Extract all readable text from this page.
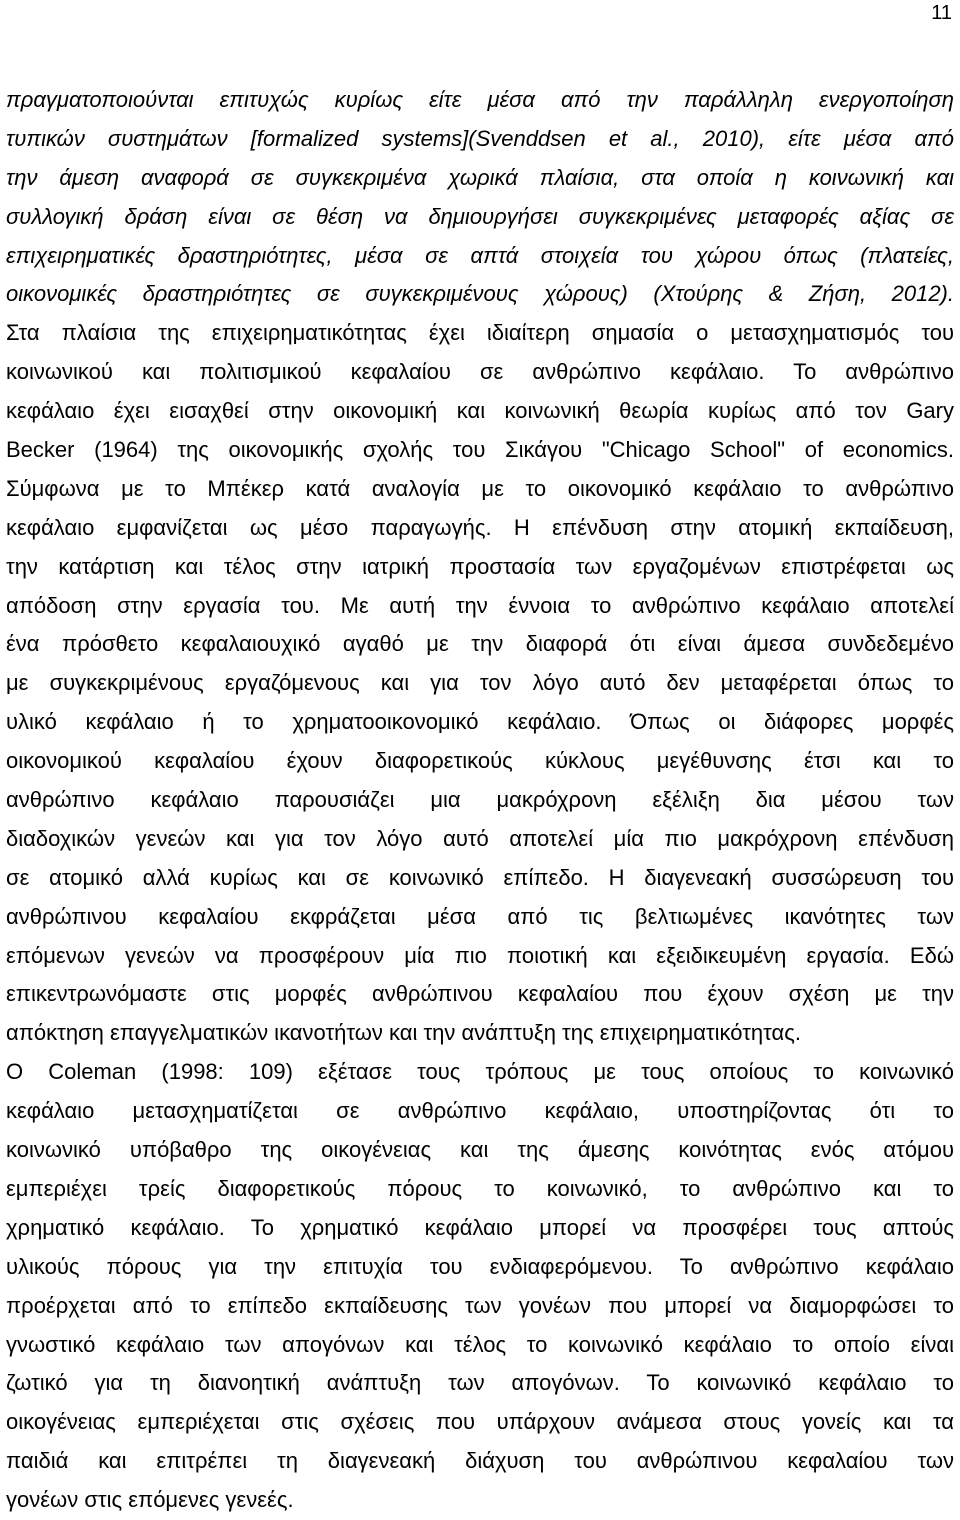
11
πραγματοποιούνται επιτυχώς κυρίως είτε μέσα από την παράλληλη ενεργοποίηση
τυπικών συστημάτων [formalized systems](Svenddsen et al., 2010), είτε μέσα από
την άμεση αναφορά σε συγκεκριμένα χωρικά πλαίσια, στα οποία η κοινωνική και
συλλογική δράση είναι σε θέση να δημιουργήσει συγκεκριμένες μεταφορές αξίας σε
επιχειρηματικές δραστηριότητες, μέσα σε απτά στοιχεία του χώρου όπως (πλατείες,
οικονομικές δραστηριότητες σε συγκεκριμένους χώρους) (Χτούρης & Ζήση, 2012).
Στα πλαίσια της επιχειρηματικότητας έχει ιδιαίτερη σημασία ο μετασχηματισμός του
κοινωνικού και πολιτισμικού κεφαλαίου σε ανθρώπινο κεφάλαιο. Το ανθρώπινο
κεφάλαιο έχει εισαχθεί στην οικονομική και κοινωνική θεωρία κυρίως από τον Gary
Becker (1964) της οικονομικής σχολής του Σικάγου "Chicago School" of economics.
Σύμφωνα με το Μπέκερ κατά αναλογία με το οικονομικό κεφάλαιο το ανθρώπινο
κεφάλαιο εμφανίζεται ως μέσο παραγωγής. Η επένδυση στην ατομική εκπαίδευση,
την κατάρτιση και τέλος στην ιατρική προστασία των εργαζομένων επιστρέφεται ως
απόδοση στην εργασία του. Με αυτή την έννοια το ανθρώπινο κεφάλαιο αποτελεί
ένα πρόσθετο κεφαλαιουχικό αγαθό με την διαφορά ότι είναι άμεσα συνδεδεμένο
με συγκεκριμένους εργαζόμενους και για τον λόγο αυτό δεν μεταφέρεται όπως το
υλικό κεφάλαιο ή το χρηματοοικονομικό κεφάλαιο. Όπως οι διάφορες μορφές
οικονομικού κεφαλαίου έχουν διαφορετικούς κύκλους μεγέθυνσης έτσι και το
ανθρώπινο κεφάλαιο παρουσιάζει μια μακρόχρονη εξέλιξη δια μέσου των
διαδοχικών γενεών και για τον λόγο αυτό αποτελεί μία πιο μακρόχρονη επένδυση
σε ατομικό αλλά κυρίως και σε κοινωνικό επίπεδο. Η διαγενεακή συσσώρευση του
ανθρώπινου κεφαλαίου εκφράζεται μέσα από τις βελτιωμένες ικανότητες των
επόμενων γενεών να προσφέρουν μία πιο ποιοτική και εξειδικευμένη εργασία. Εδώ
επικεντρωνόμαστε στις μορφές ανθρώπινου κεφαλαίου που έχουν σχέση με την
απόκτηση επαγγελματικών ικανοτήτων και την ανάπτυξη της επιχειρηματικότητας.
Ο Coleman (1998: 109) εξέτασε τους τρόπους με τους οποίους το κοινωνικό
κεφάλαιο μετασχηματίζεται σε ανθρώπινο κεφάλαιο, υποστηρίζοντας ότι το
κοινωνικό υπόβαθρο της οικογένειας και της άμεσης κοινότητας ενός ατόμου
εμπεριέχει τρείς διαφορετικούς πόρους το κοινωνικό, το ανθρώπινο και το
χρηματικό κεφάλαιο. Το χρηματικό κεφάλαιο μπορεί να προσφέρει τους απτούς
υλικούς πόρους για την επιτυχία του ενδιαφερόμενου. Το ανθρώπινο κεφάλαιο
προέρχεται από το επίπεδο εκπαίδευσης των γονέων που μπορεί να διαμορφώσει το
γνωστικό κεφάλαιο των απογόνων και τέλος το κοινωνικό κεφάλαιο το οποίο είναι
ζωτικό για τη διανοητική ανάπτυξη των απογόνων. Το κοινωνικό κεφάλαιο το
οικογένειας εμπεριέχεται στις σχέσεις που υπάρχουν ανάμεσα στους γονείς και τα
παιδιά και επιτρέπει τη διαγενεακή διάχυση του ανθρώπινου κεφαλαίου των
γονέων στις επόμενες γενεές.
